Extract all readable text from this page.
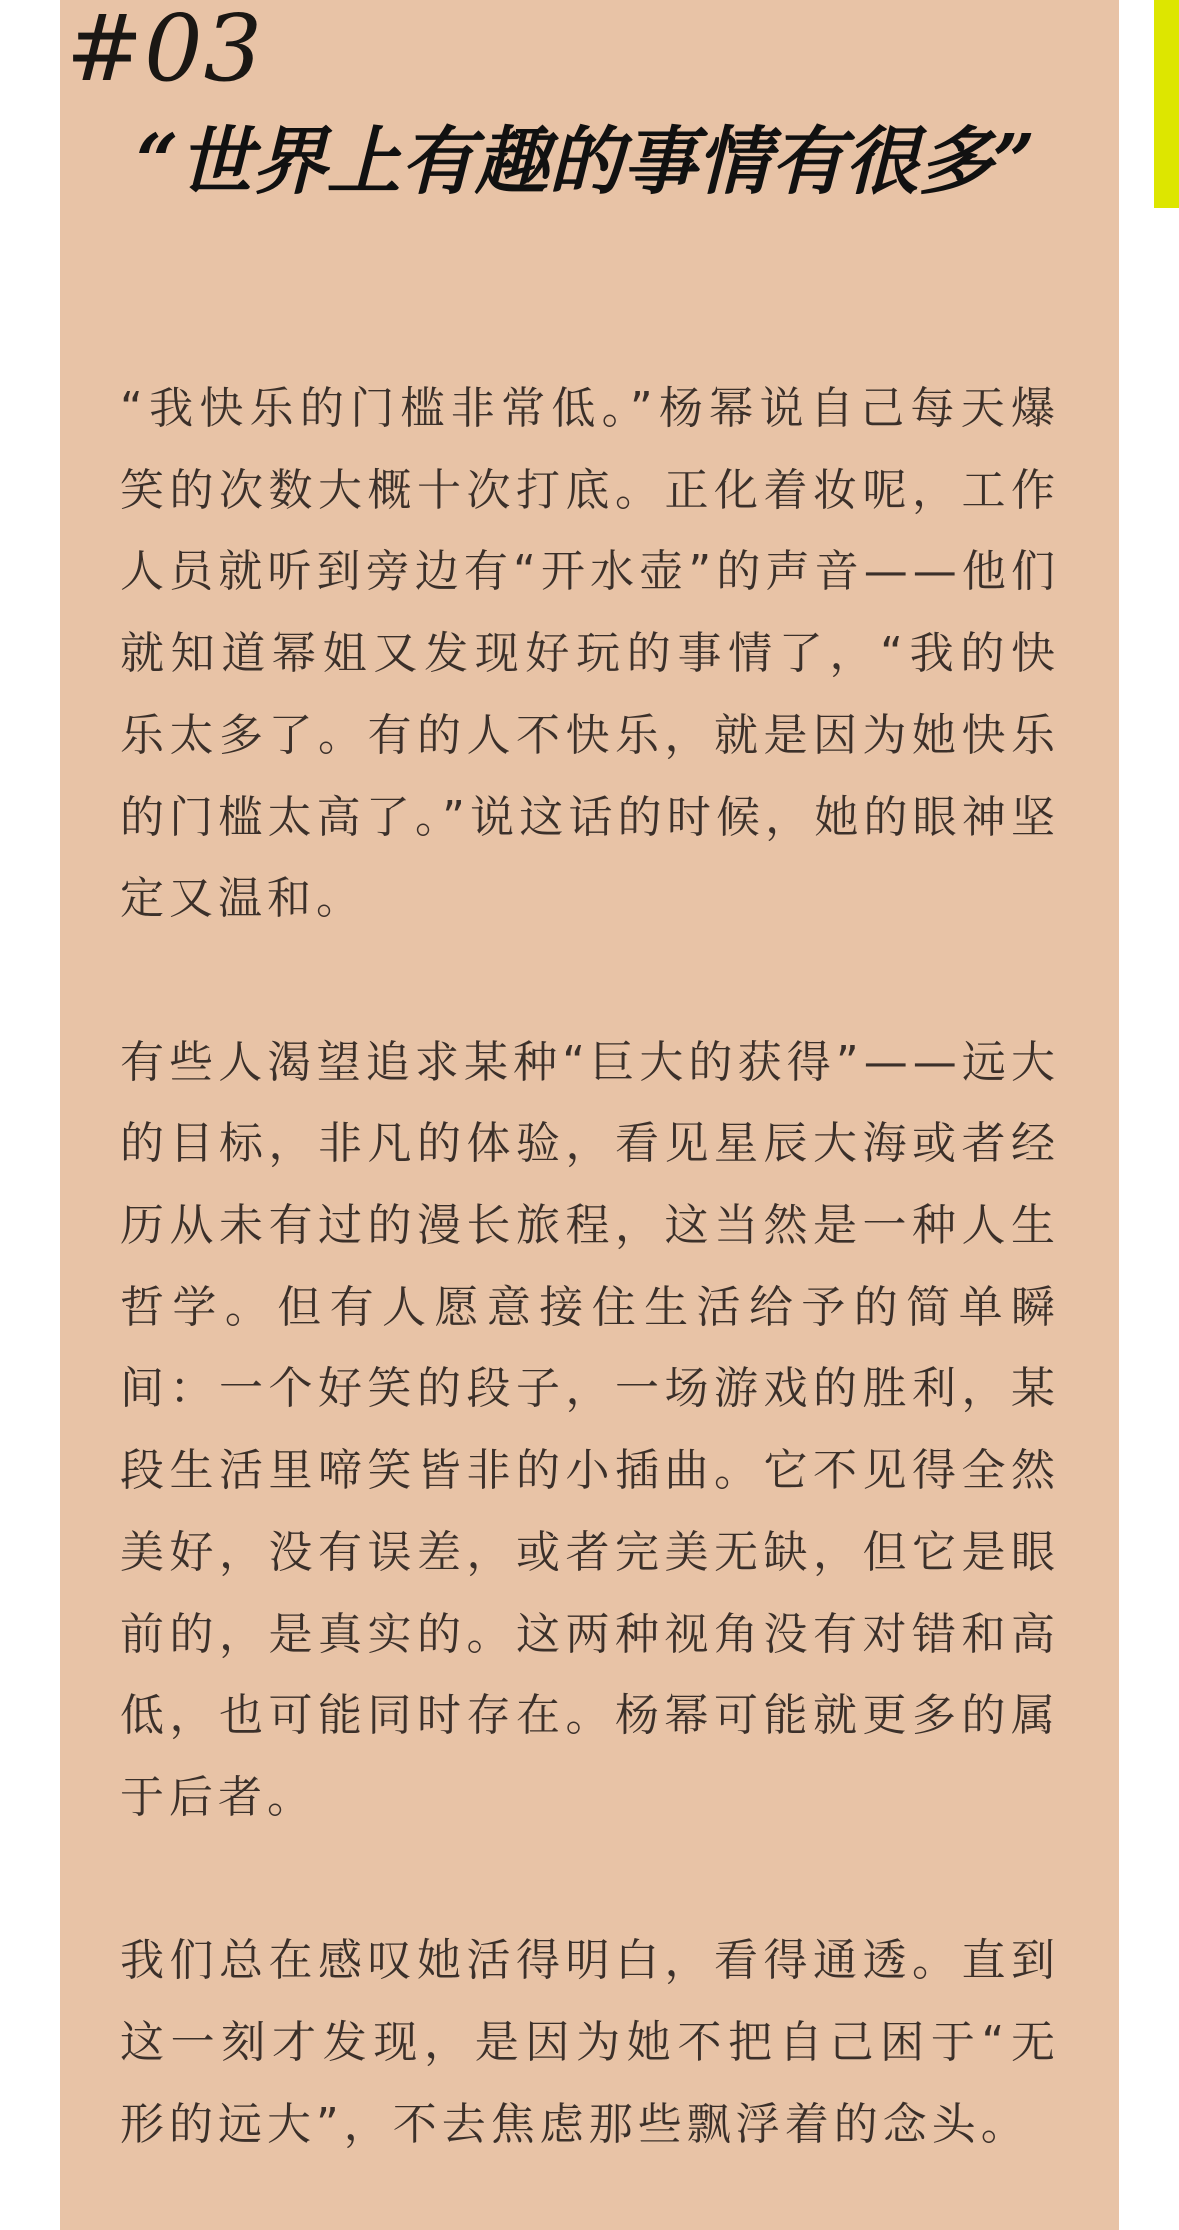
#03
“世界上有趣的事情有很多”

“我快乐的门槛非常低。”杨幂说自己每天爆笑的次数大概十次打底。正化着妆呢，工作人员就听到旁边有“开水壶”的声音——他们就知道幂姐又发现好玩的事情了，“我的快乐太多了。有的人不快乐，就是因为她快乐的门槛太高了。”说这话的时候，她的眼神坚定又温和。

有些人渴望追求某种“巨大的获得”——远大的目标，非凡的体验，看见星辰大海或者经历从未有过的漫长旅程，这当然是一种人生哲学。但有人愿意接住生活给予的简单瞬间：一个好笑的段子，一场游戏的胜利，某段生活里啼笑皆非的小插曲。它不见得全然美好，没有误差，或者完美无缺，但它是眼前的，是真实的。这两种视角没有对错和高低，也可能同时存在。杨幂可能就更多的属于后者。

我们总在感叹她活得明白，看得通透。直到这一刻才发现，是因为她不把自己困于“无形的远大”，不去焦虑那些飘浮着的念头。
